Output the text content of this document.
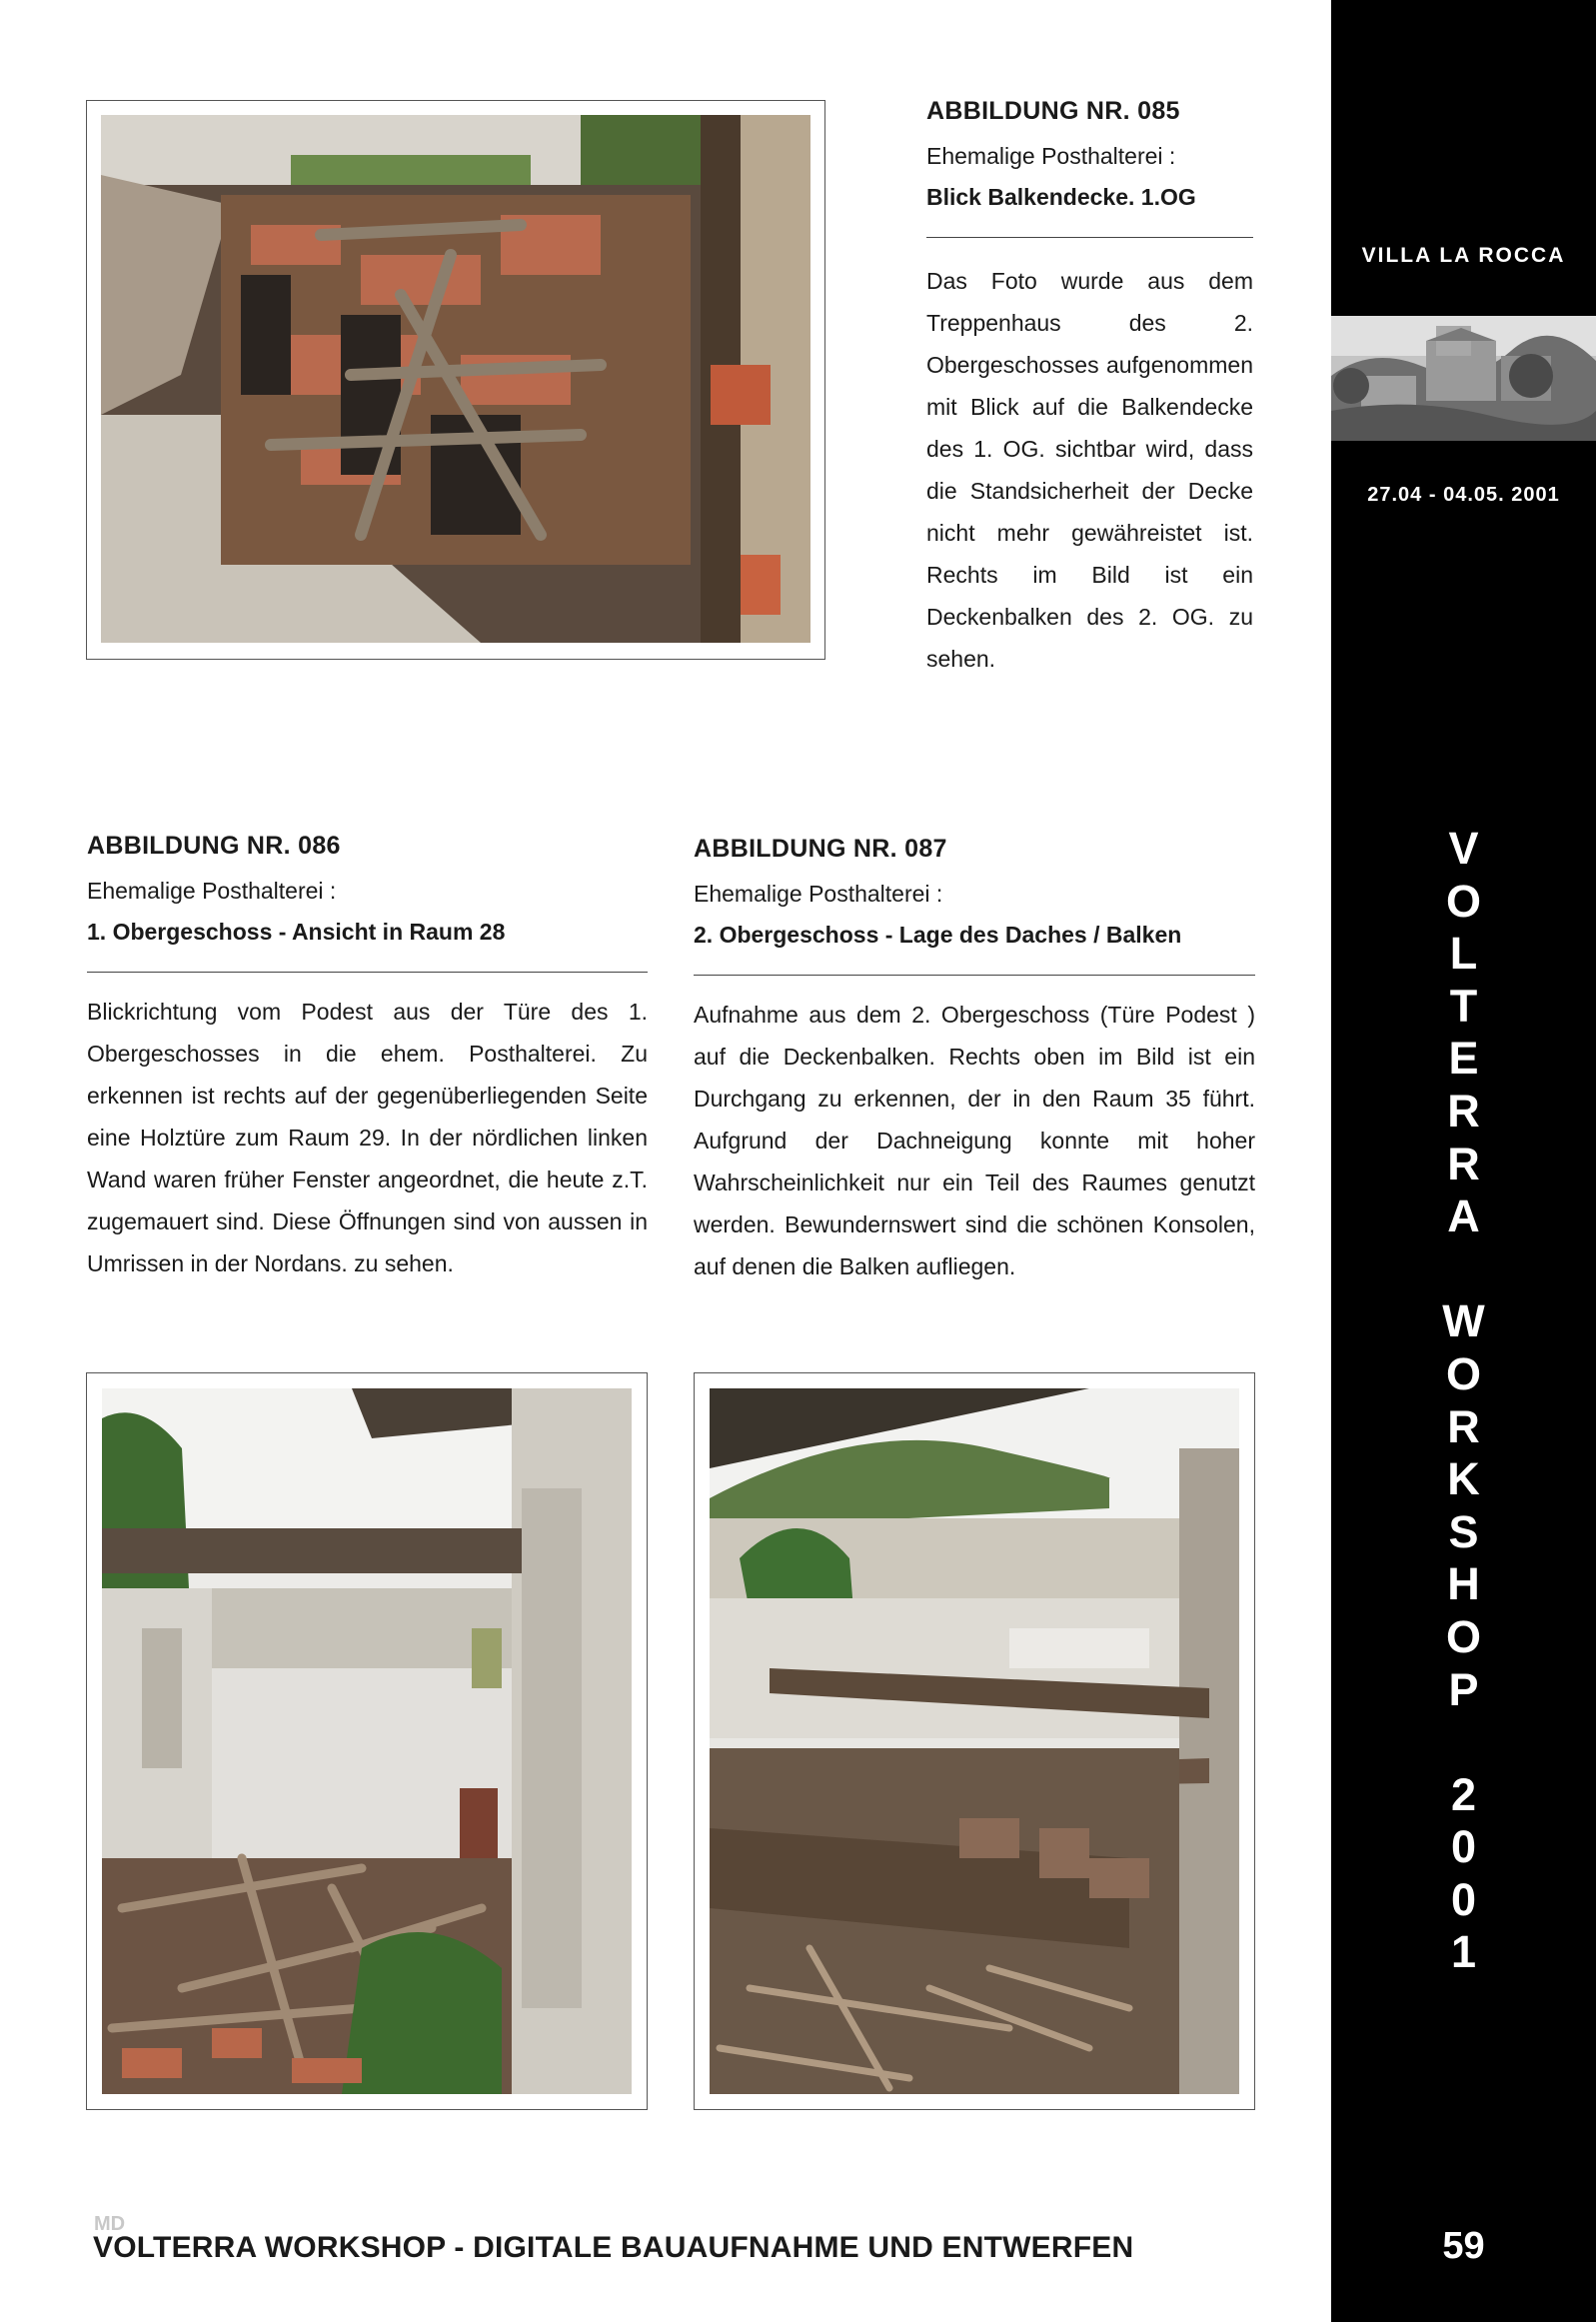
VILLA LA ROCCA
27.04 - 04.05. 2001
V
O
L
T
E
R
R
A
W
O
R
K
S
H
O
P
2
0
0
1
59
ABBILDUNG NR. 085
Ehemalige Posthalterei :
Blick Balkendecke. 1.OG
Das Foto wurde aus dem Treppenhaus des 2. Obergeschosses aufgenommen mit Blick auf die Balkendecke des 1. OG. sichtbar wird, dass die Standsicherheit der Decke nicht mehr gewähreistet ist. Rechts im Bild ist ein Deckenbalken des 2. OG. zu sehen.
ABBILDUNG NR. 086
Ehemalige Posthalterei :
1. Obergeschoss - Ansicht in Raum 28
Blickrichtung vom Podest aus der Türe des 1. Obergeschosses in die ehem. Posthalterei. Zu erkennen ist rechts auf der gegenüberliegenden Seite eine Holztüre zum Raum 29. In der nördlichen linken Wand waren früher Fenster angeordnet, die heute z.T. zugemauert sind. Diese Öffnungen sind von aussen in Umrissen in der Nordans. zu sehen.
ABBILDUNG NR. 087
Ehemalige Posthalterei :
2. Obergeschoss - Lage des Daches / Balken
Aufnahme aus dem 2. Obergeschoss (Türe Podest ) auf die Deckenbalken. Rechts oben im Bild ist ein Durchgang zu erkennen, der in den Raum 35 führt. Aufgrund der Dachneigung konnte mit hoher Wahrscheinlichkeit nur ein Teil des Raumes genutzt werden. Bewundernswert sind die schönen Konsolen, auf denen die Balken aufliegen.
MD
VOLTERRA WORKSHOP - DIGITALE BAUAUFNAHME UND ENTWERFEN
